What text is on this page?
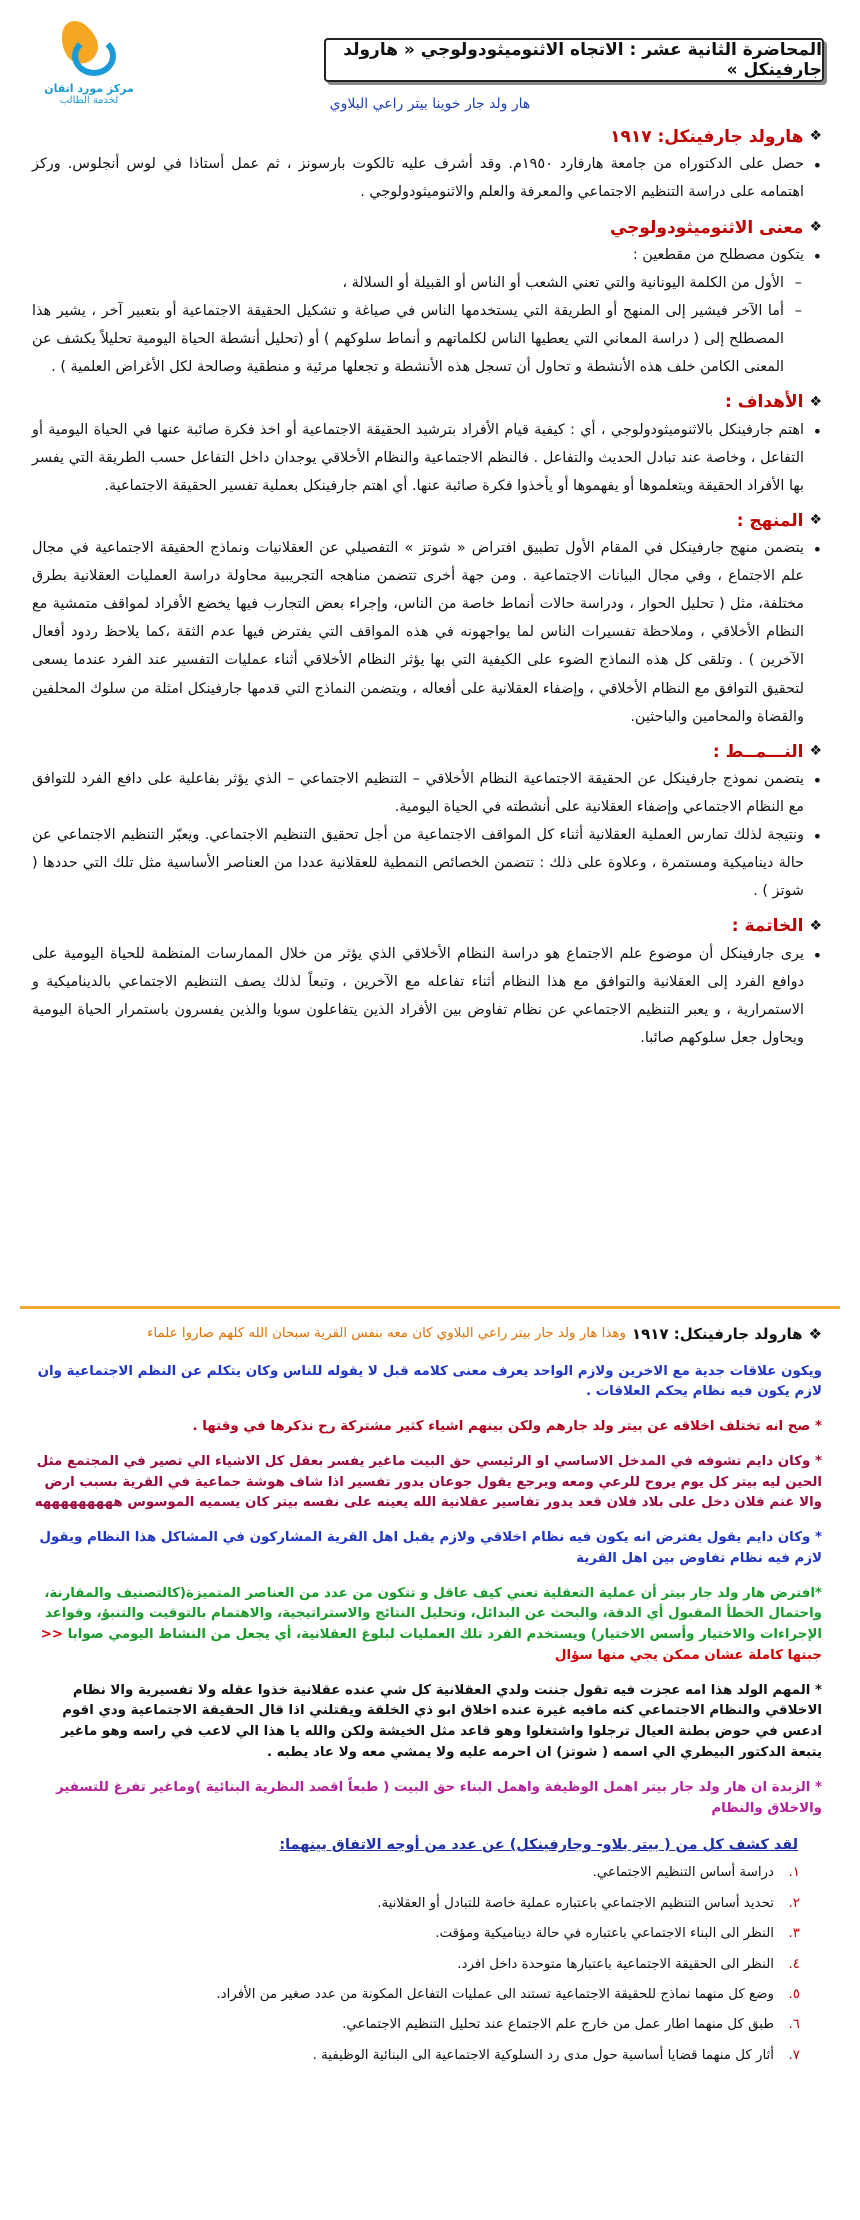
مركز مورد اتقان
لخدمة الطالب
المحاضرة الثانية عشر : الاتجاه الاثنوميثودولوجي « هارولد جارفينكل »
هار ولد جار خوينا بيتر راعي البلاوي
❖
هارولد جارفينكل: ١٩١٧

• حصل على الدكتوراه من جامعة هارفارد ١٩٥٠م. وقد أشرف عليه تالكوت بارسونز ، ثم عمل أستاذا في لوس أنجلوس. وركز اهتمامه على دراسة التنظيم الاجتماعي والمعرفة والعلم والاثنوميثودولوجي .

❖
معنى الاثنوميثودولوجي

• يتكون مصطلح من مقطعين :

– الأول من الكلمة اليونانية والتي تعني الشعب أو الناس أو القبيلة أو السلالة ،
– أما الآخر فيشير إلى المنهج أو الطريقة التي يستخدمها الناس في صياغة و تشكيل الحقيقة الاجتماعية أو بتعبير آخر ، يشير هذا المصطلح إلى ( دراسة المعاني التي يعطيها الناس لكلماتهم و أنماط سلوكهم ) أو (تحليل أنشطة الحياة اليومية تحليلاً يكشف عن المعنى الكامن خلف هذه الأنشطة و تحاول أن تسجل هذه الأنشطة و تجعلها مرئية و منطقية وصالحة لكل الأغراض العلمية ) .
❖
الأهداف :

• اهتم جارفينكل بالاثنوميثودولوجي ، أي : كيفية قيام الأفراد بترشيد الحقيقة الاجتماعية أو اخذ فكرة صائبة عنها في الحياة اليومية أو التفاعل ، وخاصة عند تبادل الحديث والتفاعل . فالنظم الاجتماعية والنظام الأخلاقي يوجدان داخل التفاعل حسب الطريقة التي يفسر بها الأفراد الحقيقة ويتعلموها أو يفهموها أو يأخذوا فكرة صائبة عنها. أي اهتم جارفينكل بعملية تفسير الحقيقة الاجتماعية.

❖
المنهج :

• يتضمن منهج جارفينكل في المقام الأول تطبيق افتراض « شوتز » التفصيلي عن العقلانيات ونماذج الحقيقة الاجتماعية في مجال علم الاجتماع ، وفي مجال البيانات الاجتماعية . ومن جهة أخرى تتضمن مناهجه التجريبية محاولة دراسة العمليات العقلانية بطرق مختلفة، مثل ( تحليل الحوار ، ودراسة حالات أنماط خاصة من الناس، وإجراء بعض التجارب فيها يخضع الأفراد لمواقف متمشية مع النظام الأخلاقي ، وملاحظة تفسيرات الناس لما يواجهونه في هذه المواقف التي يفترض فيها عدم الثقة ،كما يلاحظ ردود أفعال الآخرين ) . وتلقى كل هذه النماذج الضوء على الكيفية التي بها يؤثر النظام الأخلاقي أثناء عمليات التفسير عند الفرد عندما يسعى لتحقيق التوافق مع النظام الأخلاقي ، وإضفاء العقلانية على أفعاله ، ويتضمن النماذج التي قدمها جارفينكل امثلة من سلوك المحلفين والقضاة والمحامين والباحثين.

❖
النـــمــط :

• يتضمن نموذج جارفينكل عن الحقيقة الاجتماعية النظام الأخلاقي – التنظيم الاجتماعي – الذي يؤثر بفاعلية على دافع الفرد للتوافق مع النظام الاجتماعي وإضفاء العقلانية على أنشطته في الحياة اليومية.

• ونتيجة لذلك تمارس العملية العقلانية أثناء كل المواقف الاجتماعية من أجل تحقيق التنظيم الاجتماعي. ويعبّر التنظيم الاجتماعي عن حالة ديناميكية ومستمرة ، وعلاوة على ذلك : تتضمن الخصائص النمطية للعقلانية عددا من العناصر الأساسية مثل تلك التي حددها ( شوتز ) .

❖
الخاتمة :

• يرى جارفينكل أن موضوع علم الاجتماع هو دراسة النظام الأخلاقي الذي يؤثر من خلال الممارسات المنظمة للحياة اليومية على دوافع الفرد إلى العقلانية والتوافق مع هذا النظام أثناء تفاعله مع الآخرين ، وتبعاً لذلك يصف التنظيم الاجتماعي بالديناميكية و الاستمرارية ، و يعبر التنظيم الاجتماعي عن نظام تفاوض بين الأفراد الذين يتفاعلون سويا والذين يفسرون باستمرار الحياة اليومية ويحاول جعل سلوكهم صائبا.

❖
هارولد جارفينكل: ١٩١٧
وهذا هار ولد جار بيتر راعي البلاوي كان معه بنفس القرية سبحان الله كلهم صاروا علماء
ويكون علاقات جدية مع الاخرين ولازم الواحد يعرف معنى كلامه قبل لا يقوله للناس وكان يتكلم عن النظم الاجتماعية وان لازم يكون فيه نظام يحكم العلاقات .
* صح انه تختلف اخلاقه عن بيتر ولد جارهم ولكن بينهم اشياء كثير مشتركة رح نذكرها في وقتها .
* وكان دايم تشوفه في المدخل الاساسي او الرئيسي حق البيت ماغير يفسر بعقل كل الاشياء الي تصير في المجتمع مثل الحين ليه بيتر كل يوم يروح للرعي ومعه ويرجع يقول جوعان يدور تفسير اذا شاف هوشة جماعية في القرية بسبب ارض والا غنم فلان دخل على بلاد فلان قعد يدور تفاسير عقلانية الله يعينه على نفسه بيتر كان يسميه الموسوس هههههههههه
* وكان دايم يقول يفترض انه يكون فيه نظام اخلاقي ولازم يقبل اهل القرية المشاركون في المشاكل هذا النظام ويقول لازم فيه نظام تفاوض بين اهل القرية
*افترض هار ولد جار بيتر أن عملية التعقلية تعني كيف عاقل و تتكون من عدد من العناصر المتميزة(كالتصنيف والمقارنة، واحتمال الخطأ المقبول أي الدقة، والبحث عن البدائل، وتحليل النتائج والاستراتيجية، والاهتمام بالتوقيت والتنبؤ، وقواعد الإجراءات والاختيار وأسس الاختيار) ويستخدم الفرد تلك العمليات لبلوغ العقلانية، أي يجعل من النشاط اليومي صوابا << جبتها كاملة عشان ممكن يجي منها سؤال
* المهم الولد هذا امه عجزت فيه تقول جننت ولدي العقلانية كل شي عنده عقلانية خذوا عقله ولا تفسيرية والا نظام الاخلاقي والنظام الاجتماعي كنه مافيه غيرة عنده اخلاق ابو ذي الخلقة ويقتلني اذا قال الحقيقة الاجتماعية ودي اقوم ادعس في حوض بطنة العيال ترجلوا واشتغلوا وهو قاعد مثل الخيشة ولكن والله يا هذا الي لاعب في راسه وهو ماغير يتبعة الدكتور البيطري الي اسمه ( شوتز) ان احرمه عليه ولا يمشي معه ولا عاد يطبه .
* الزبدة ان هار ولد جار بيتر اهمل الوظيفة واهمل البناء حق البيت ( طبعاً اقصد النظرية البنائية )وماغير تفرغ للتسفير والاخلاق والنظام
لقد كشف كل من ( بيتر بلاو- وجارفينكل) عن عدد من أوجه الاتفاق بينهما:
١.
دراسة أساس التنظيم الاجتماعي.
٢.
تحديد أساس التنظيم الاجتماعي باعتباره عملية خاصة للتبادل أو العقلانية.
٣.
النظر الى البناء الاجتماعي باعتباره في حالة ديناميكية ومؤقت.
٤.
النظر الى الحقيقة الاجتماعية باعتبارها متوحدة داخل افرد.
٥.
وضع كل منهما نماذج للحقيقة الاجتماعية تستند الى عمليات التفاعل المكونة من عدد صغير من الأفراد.
٦.
طبق كل منهما اطار عمل من خارج علم الاجتماع عند تحليل التنظيم الاجتماعي.
٧.
أثار كل منهما قضايا أساسية حول مدى رد السلوكية الاجتماعية الى البنائية الوظيفية .
